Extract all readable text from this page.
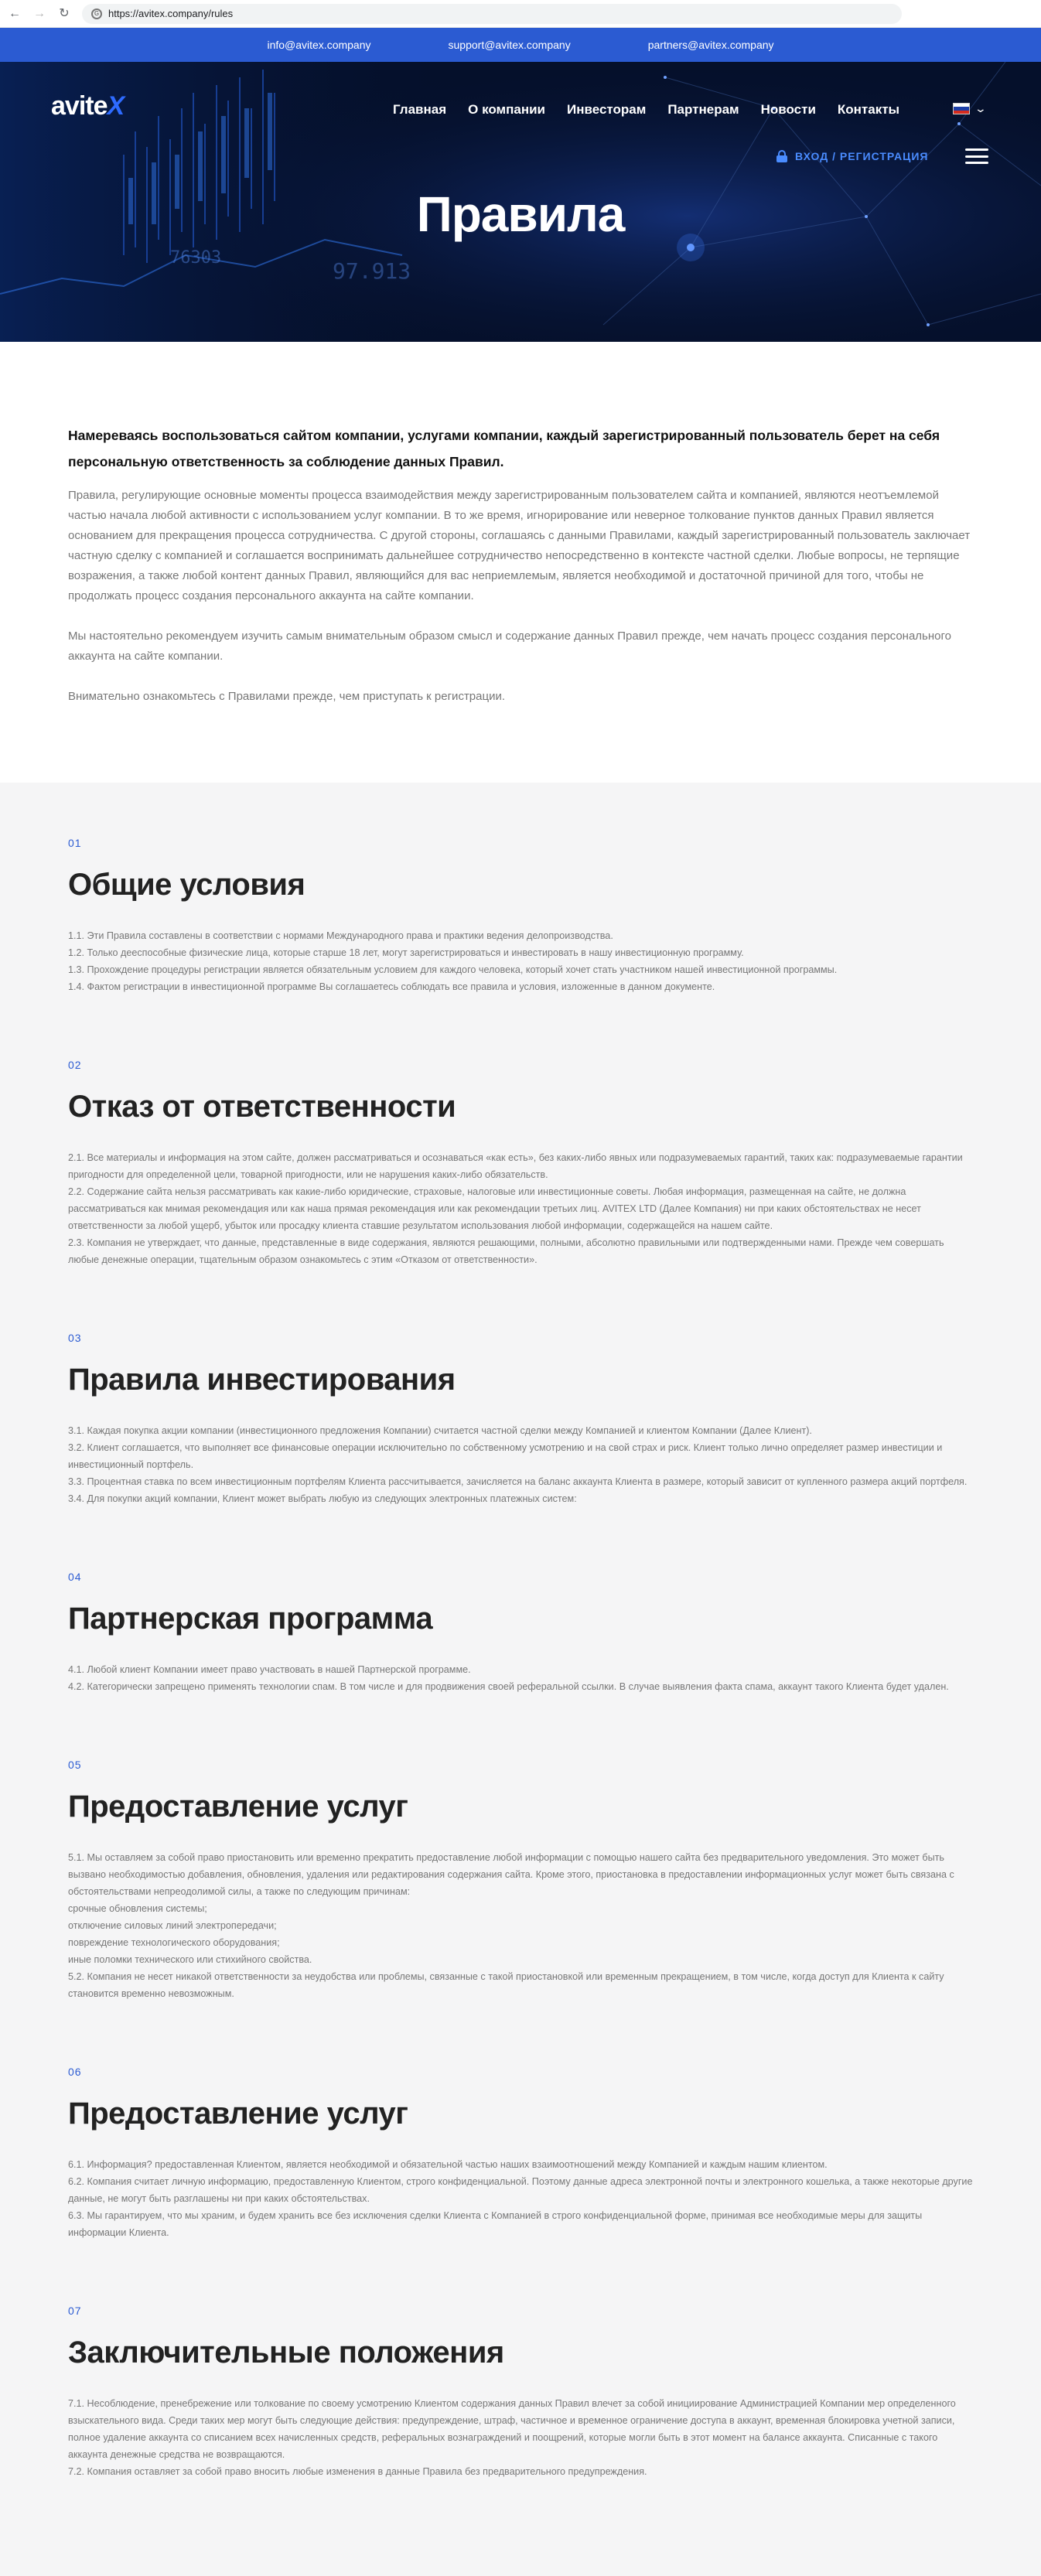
← → ↻	G https://avitex.company/rules
info@avitex.company	support@avitex.company	partners@avitex.company
76303
97.913
aviteX	Главная О компании Инвесторам Партнерам Новости Контакты	⌄
ВХОД / РЕГИСТРАЦИЯ
Правила

Намереваясь воспользоваться сайтом компании, услугами компании, каждый зарегистрированный пользователь берет на себя персональную ответственность за соблюдение данных Правил.

Правила, регулирующие основные моменты процесса взаимодействия между зарегистрированным пользователем сайта и компанией, являются неотъемлемой частью начала любой активности с использованием услуг компании. В то же время, игнорирование или неверное толкование пунктов данных Правил является основанием для прекращения процесса сотрудничества. С другой стороны, соглашаясь с данными Правилами, каждый зарегистрированный пользователь заключает частную сделку с компанией и соглашается воспринимать дальнейшее сотрудничество непосредственно в контексте частной сделки. Любые вопросы, не терпящие возражения, а также любой контент данных Правил, являющийся для вас неприемлемым, является необходимой и достаточной причиной для того, чтобы не продолжать процесс создания персонального аккаунта на сайте компании.

Мы настоятельно рекомендуем изучить самым внимательным образом смысл и содержание данных Правил прежде, чем начать процесс создания персонального аккаунта на сайте компании.

Внимательно ознакомьтесь с Правилами прежде, чем приступать к регистрации.

01
Общие условия
1.1. Эти Правила составлены в соответствии с нормами Международного права и практики ведения делопроизводства.
1.2. Только дееспособные физические лица, которые старше 18 лет, могут зарегистрироваться и инвестировать в нашу инвестиционную программу.
1.3. Прохождение процедуры регистрации является обязательным условием для каждого человека, который хочет стать участником нашей инвестиционной программы.
1.4. Фактом регистрации в инвестиционной программе Вы соглашаетесь соблюдать все правила и условия, изложенные в данном документе.
02
Отказ от ответственности
2.1. Все материалы и информация на этом сайте, должен рассматриваться и осознаваться «как есть», без каких-либо явных или подразумеваемых гарантий, таких как: подразумеваемые гарантии пригодности для определенной цели, товарной пригодности, или не нарушения каких-либо обязательств.
2.2. Содержание сайта нельзя рассматривать как какие-либо юридические, страховые, налоговые или инвестиционные советы. Любая информация, размещенная на сайте, не должна рассматриваться как мнимая рекомендация или как наша прямая рекомендация или как рекомендации третьих лиц. AVITEX LTD (Далее Компания) ни при каких обстоятельствах не несет ответственности за любой ущерб, убыток или просадку клиента ставшие результатом использования любой информации, содержащейся на нашем сайте.
2.3. Компания не утверждает, что данные, представленные в виде содержания, являются решающими, полными, абсолютно правильными или подтвержденными нами. Прежде чем совершать любые денежные операции, тщательным образом ознакомьтесь с этим «Отказом от ответственности».
03
Правила инвестирования
3.1. Каждая покупка акции компании (инвестиционного предложения Компании) считается частной сделки между Компанией и клиентом Компании (Далее Клиент).
3.2. Клиент соглашается, что выполняет все финансовые операции исключительно по собственному усмотрению и на свой страх и риск. Клиент только лично определяет размер инвестиции и инвестиционный портфель.
3.3. Процентная ставка по всем инвестиционным портфелям Клиента рассчитывается, зачисляется на баланс аккаунта Клиента в размере, который зависит от купленного размера акций портфеля.
3.4. Для покупки акций компании, Клиент может выбрать любую из следующих электронных платежных систем:
04
Партнерская программа
4.1. Любой клиент Компании имеет право участвовать в нашей Партнерской программе.
4.2. Категорически запрещено применять технологии спам. В том числе и для продвижения своей реферальной ссылки. В случае выявления факта спама, аккаунт такого Клиента будет удален.
05
Предоставление услуг
5.1. Мы оставляем за собой право приостановить или временно прекратить предоставление любой информации с помощью нашего сайта без предварительного уведомления. Это может быть вызвано необходимостью добавления, обновления, удаления или редактирования содержания сайта. Кроме этого, приостановка в предоставлении информационных услуг может быть связана с обстоятельствами непреодолимой силы, а также по следующим причинам:
срочные обновления системы;
отключение силовых линий электропередачи;
повреждение технологического оборудования;
иные поломки технического или стихийного свойства.
5.2. Компания не несет никакой ответственности за неудобства или проблемы, связанные с такой приостановкой или временным прекращением, в том числе, когда доступ для Клиента к сайту становится временно невозможным.
06
Предоставление услуг
6.1. Информация? предоставленная Клиентом, является необходимой и обязательной частью наших взаимоотношений между Компанией и каждым нашим клиентом.
6.2. Компания считает личную информацию, предоставленную Клиентом, строго конфиденциальной. Поэтому данные адреса электронной почты и электронного кошелька, а также некоторые другие данные, не могут быть разглашены ни при каких обстоятельствах.
6.3. Мы гарантируем, что мы храним, и будем хранить все без исключения сделки Клиента с Компанией в строго конфиденциальной форме, принимая все необходимые меры для защиты информации Клиента.
07
Заключительные положения
7.1. Несоблюдение, пренебрежение или толкование по своему усмотрению Клиентом содержания данных Правил влечет за собой инициирование Администрацией Компании мер определенного взыскательного вида. Среди таких мер могут быть следующие действия: предупреждение, штраф, частичное и временное ограничение доступа в аккаунт, временная блокировка учетной записи, полное удаление аккаунта со списанием всех начисленных средств, реферальных вознаграждений и поощрений, которые могли быть в этот момент на балансе аккаунта. Списанные с такого аккаунта денежные средства не возвращаются.
7.2. Компания оставляет за собой право вносить любые изменения в данные Правила без предварительного предупреждения.
